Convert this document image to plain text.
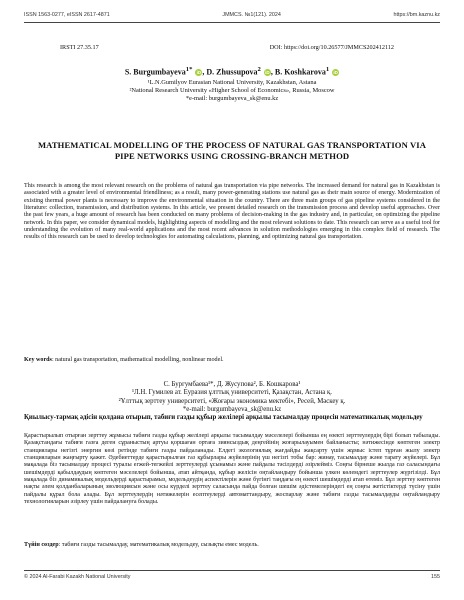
ISSN 1563-0277, eISSN 2617-4871	JMMCS. №1(121). 2024	https://bm.kaznu.kz
IRSTI 27.35.17	DOI: https://doi.org/10.26577/JMMCS202412112
S. Burgumbayeva$^{1*}$ iD, D. Zhussupova$^2$ iD, B. Koshkarova$^1$ iD
¹L.N.Gumilyov Eurasian National University, Kazakhstan, Astana
²National Research University «Higher School of Economics», Russia, Moscow
*e-mail: burgumbayeva_sk@enu.kz
MATHEMATICAL MODELLING OF THE PROCESS OF NATURAL GAS TRANSPORTATION VIA PIPE NETWORKS USING CROSSING-BRANCH METHOD
This research is among the most relevant research on the problems of natural gas transportation via pipe networks. The increased demand for natural gas in Kazakhstan is associated with a greater level of environmental friendliness; as a result, many power-generating stations use natural gas as their main source of energy. Modernization of existing thermal power plants is necessary to improve the environmental situation in the country. There are three main groups of gas pipeline systems considered in the literature: collection, transmission, and distribution systems. In this article, we present detailed research on the transmission process and develop useful approaches. Over the past few years, a huge amount of research has been conducted on many problems of decision-making in the gas industry and, in particular, on optimizing the pipeline network. In this paper, we consider dynamical models, highlighting aspects of modelling and the most relevant solutions to date. This research can serve as a useful tool for understanding the evolution of many real-world applications and the most recent advances in solution methodologies emerging in this complex field of research. The results of this research can be used to develop technologies for automating calculations, planning, and optimizing natural gas transportation.
Key words: natural gas transportation, mathematical modelling, nonlinear model.
С. Бургумбаева¹*, Д. Жусупова², Б. Кошкарова¹
¹Л.Н. Гумилев ат. Еуразия ұлттық университеті, Қазақстан, Астана қ.
²Ұлттық зерттеу университеті, «Жоғары экономика мектебі», Ресей, Мәскеу қ.
*e-mail: burgumbayeva_sk@enu.kz
Қиылысу-тармақ әдісін қолдана отырып, табиғи газды құбыр желілері арқылы тасымалдау процесін математикалық модельдеу
Қарастырылып отырған зерттеу жұмысы табиғи газды құбыр желілері арқылы тасымалдау мәселелері бойынша ең өзекті зерттеулердің бірі болып табылады. Қазақстандағы табиғи газға деген сұраныстың артуы қоршаған ортаға зиянсыздық деңгейінің жоғарылауымен байланысты; нәтижесінде көптеген электр станциялары негізгі энергия көзі ретінде табиғи газды пайдаланады. Елдегі экологиялық жағдайды жақсарту үшін жұмыс істеп тұрған жылу электр станцияларын жаңғырту қажет. Әдебиеттерде қарастырылған газ құбырлары жүйелерінің үш негізгі тобы бар: жинау, тасымалдау және тарату жүйелері. Бұл мақалада біз тасымалдау процесі туралы егжей-тегжейлі зерттеулерді ұсынамыз және пайдалы тәсілдерді әзірлейміз. Соңғы бірнеше жылда газ саласындағы шешімдерді қабылдаудың көптеген мәселелері бойынша, атап айтқанда, құбыр желісін оңтайландыру бойынша үлкен көлемдегі зерттеулер жүргізілді. Бұл мақалада біз динамикалық модельдерді қарастырамыз, модельдеудің аспектілерін және бүгінгі таңдағы ең өзекті шешімдерді атап өтеміз. Бұл зерттеу көптеген нақты әлем қолданбаларының эволюциясын және осы күрделі зерттеу саласында пайда болған шешім әдістемелеріндегі ең соңғы жетістіктерді түсіну үшін пайдалы құрал бола алады. Бұл зерттеулердің нәтижелерін есептеулерді автоматтандыру, жоспарлау және табиғи газды тасымалдауды оңтайландыру технологияларын әзірлеу үшін пайдалануға болады.
Түйін сөздер: табиғи газды тасымалдау, математикалық модельдеу, сызықты емес модель.
© 2024 Al-Farabi Kazakh National University	155
